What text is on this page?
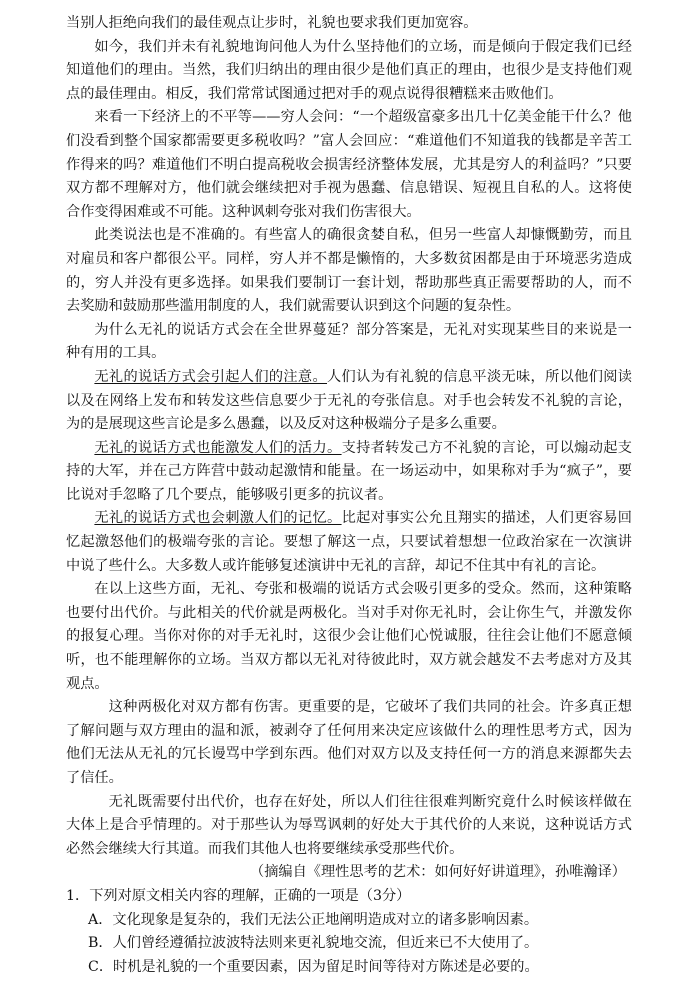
当别人拒绝向我们的最佳观点让步时，礼貌也要求我们更加宽容。

如今，我们并未有礼貌地询问他人为什么坚持他们的立场，而是倾向于假定我们已经知道他们的理由。当然，我们归纳出的理由很少是他们真正的理由，也很少是支持他们观点的最佳理由。相反，我们常常试图通过把对手的观点说得很糟糕来击败他们。

来看一下经济上的不平等——穷人会问：“一个超级富豪多出几十亿美金能干什么？他们没看到整个国家都需要更多税收吗？”富人会回应：“难道他们不知道我的钱都是辛苦工作得来的吗？难道他们不明白提高税收会损害经济整体发展，尤其是穷人的利益吗？”只要双方都不理解对方，他们就会继续把对手视为愚蠢、信息错误、短视且自私的人。这将使合作变得困难或不可能。这种讽刺夸张对我们伤害很大。

此类说法也是不准确的。有些富人的确很贪婪自私，但另一些富人却慷慨勤劳，而且对雇员和客户都很公平。同样，穷人并不都是懒惰的，大多数贫困都是由于环境恶劣造成的，穷人并没有更多选择。如果我们要制订一套计划，帮助那些真正需要帮助的人，而不去奖励和鼓励那些滥用制度的人，我们就需要认识到这个问题的复杂性。

为什么无礼的说话方式会在全世界蔓延？部分答案是，无礼对实现某些目的来说是一种有用的工具。

无礼的说话方式会引起人们的注意。人们认为有礼貌的信息平淡无味，所以他们阅读以及在网络上发布和转发这些信息要少于无礼的夸张信息。对手也会转发不礼貌的言论，为的是展现这些言论是多么愚蠢，以及反对这种极端分子是多么重要。

无礼的说话方式也能激发人们的活力。支持者转发己方不礼貌的言论，可以煽动起支持的大军，并在己方阵营中鼓动起激情和能量。在一场运动中，如果称对手为“疯子”，要比说对手忽略了几个要点，能够吸引更多的抗议者。

无礼的说话方式也会刺激人们的记忆。比起对事实公允且翔实的描述，人们更容易回忆起激怒他们的极端夸张的言论。要想了解这一点，只要试着想想一位政治家在一次演讲中说了些什么。大多数人或许能够复述演讲中无礼的言辞，却记不住其中有礼的言论。

在以上这些方面，无礼、夸张和极端的说话方式会吸引更多的受众。然而，这种策略也要付出代价。与此相关的代价就是两极化。当对手对你无礼时，会让你生气，并激发你的报复心理。当你对你的对手无礼时，这很少会让他们心悦诚服，往往会让他们不愿意倾听，也不能理解你的立场。当双方都以无礼对待彼此时，双方就会越发不去考虑对方及其观点。

这种两极化对双方都有伤害。更重要的是，它破坏了我们共同的社会。许多真正想了解问题与双方理由的温和派，被剥夺了任何用来决定应该做什么的理性思考方式，因为他们无法从无礼的冗长谩骂中学到东西。他们对双方以及支持任何一方的消息来源都失去了信任。

无礼既需要付出代价，也存在好处，所以人们往往很难判断究竟什么时候该样做在大体上是合乎情理的。对于那些认为辱骂讽刺的好处大于其代价的人来说，这种说话方式必然会继续大行其道。而我们其他人也将要继续承受那些代价。

（摘编自《理性思考的艺术：如何好好讲道理》，孙唯瀚译）

1．下列对原文相关内容的理解，正确的一项是（3分）

A．文化现象是复杂的，我们无法公正地阐明造成对立的诸多影响因素。

B．人们曾经遵循拉波波特法则来更礼貌地交流，但近来已不大使用了。

C．时机是礼貌的一个重要因素，因为留足时间等待对方陈述是必要的。
